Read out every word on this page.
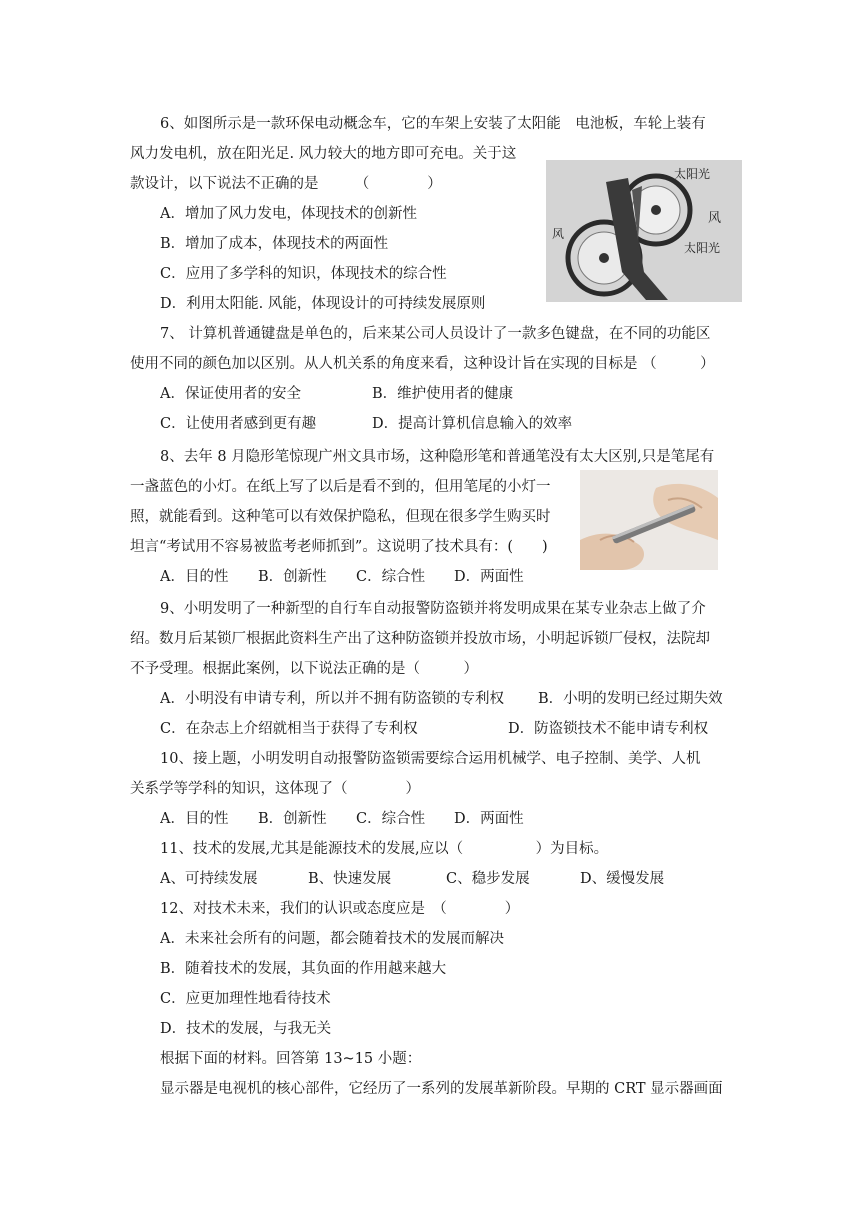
6、如图所示是一款环保电动概念车，它的车架上安装了太阳能　电池板，车轮上装有
风力发电机，放在阳光足. 风力较大的地方即可充电。关于这
款设计，以下说法不正确的是　　　（　　　　）
A．增加了风力发电，体现技术的创新性
B．增加了成本，体现技术的两面性
C．应用了多学科的知识，体现技术的综合性
D．利用太阳能. 风能，体现设计的可持续发展原则
太阳光
风
风
太阳光
7、 计算机普通键盘是单色的，后来某公司人员设计了一款多色键盘，在不同的功能区
使用不同的颜色加以区别。从人机关系的角度来看，这种设计旨在实现的目标是 （　　　）
A．保证使用者的安全	B．维护使用者的健康
C．让使用者感到更有趣	D．提高计算机信息输入的效率
8、去年 8 月隐形笔惊现广州文具市场，这种隐形笔和普通笔没有太大区别,只是笔尾有
一盏蓝色的小灯。在纸上写了以后是看不到的，但用笔尾的小灯一
照，就能看到。这种笔可以有效保护隐私，但现在很多学生购买时
坦言“考试用不容易被监考老师抓到”。这说明了技术具有：(　　)
A．目的性 B．创新性 C．综合性 D．两面性
9、小明发明了一种新型的自行车自动报警防盗锁并将发明成果在某专业杂志上做了介
绍。数月后某锁厂根据此资料生产出了这种防盗锁并投放市场，小明起诉锁厂侵权，法院却
不予受理。根据此案例，以下说法正确的是（　　　）
A．小明没有申请专利，所以并不拥有防盗锁的专利权 B．小明的发明已经过期失效
C．在杂志上介绍就相当于获得了专利权	D．防盗锁技术不能申请专利权
10、接上题，小明发明自动报警防盗锁需要综合运用机械学、电子控制、美学、人机
关系学等学科的知识，这体现了（　　　　）
A．目的性 B．创新性 C．综合性 D．两面性
11、技术的发展,尤其是能源技术的发展,应以（　　　　　）为目标。
A、可持续发展	B、快速发展	C、稳步发展	D、缓慢发展
12、对技术未来，我们的认识或态度应是　（　　　　）
A．未来社会所有的问题，都会随着技术的发展而解决
B．随着技术的发展，其负面的作用越来越大
C．应更加理性地看待技术
D．技术的发展，与我无关
根据下面的材料。回答第 13~15 小题：
显示器是电视机的核心部件，它经历了一系列的发展革新阶段。早期的 CRT 显示器画面
